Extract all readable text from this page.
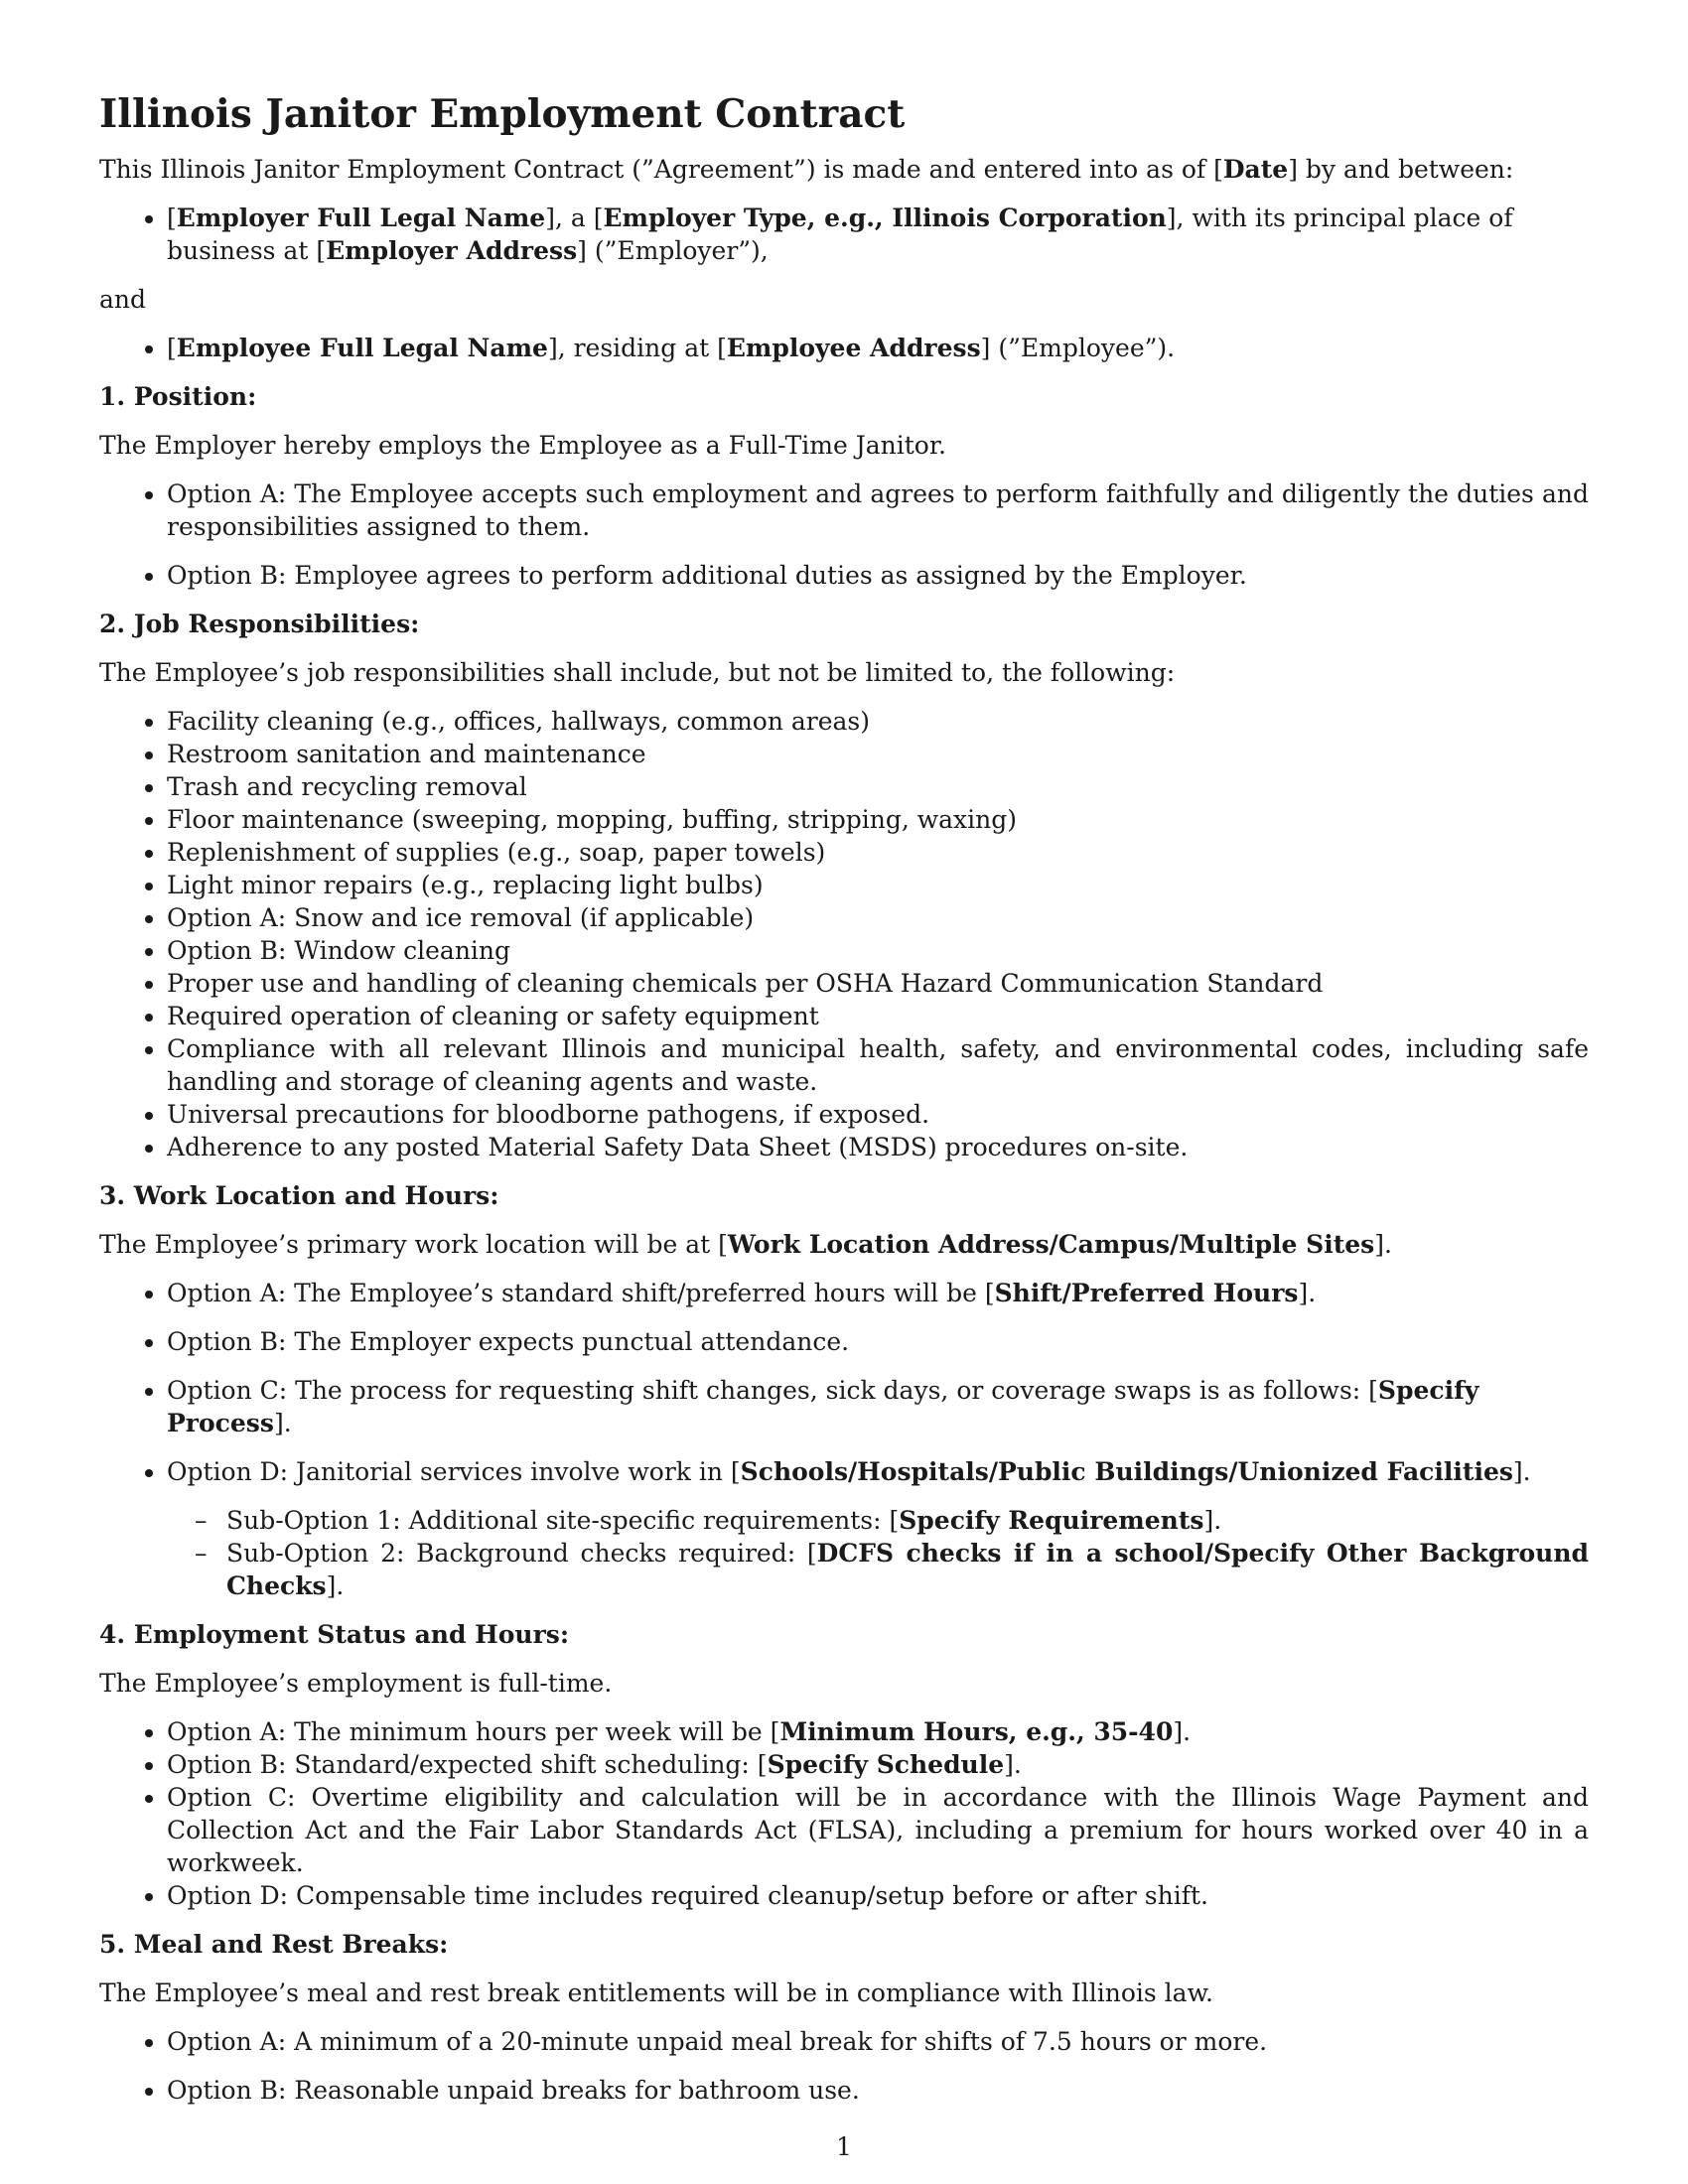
Illinois Janitor Employment Contract

This Illinois Janitor Employment Contract (”Agreement”) is made and entered into as of [Date] by and between:

• [Employer Full Legal Name], a [Employer Type, e.g., Illinois Corporation], with its principal place of business at [Employer Address] (”Employer”),

and

• [Employee Full Legal Name], residing at [Employee Address] (”Employee”).

1. Position:

The Employer hereby employs the Employee as a Full-Time Janitor.

• Option A: The Employee accepts such employment and agrees to perform faithfully and diligently the duties and responsibilities assigned to them.
• Option B: Employee agrees to perform additional duties as assigned by the Employer.

2. Job Responsibilities:

The Employee’s job responsibilities shall include, but not be limited to, the following:

• Facility cleaning (e.g., offices, hallways, common areas)
• Restroom sanitation and maintenance
• Trash and recycling removal
• Floor maintenance (sweeping, mopping, buffing, stripping, waxing)
• Replenishment of supplies (e.g., soap, paper towels)
• Light minor repairs (e.g., replacing light bulbs)
• Option A: Snow and ice removal (if applicable)
• Option B: Window cleaning
• Proper use and handling of cleaning chemicals per OSHA Hazard Communication Standard
• Required operation of cleaning or safety equipment
• Compliance with all relevant Illinois and municipal health, safety, and environmental codes, including safe handling and storage of cleaning agents and waste.
• Universal precautions for bloodborne pathogens, if exposed.
• Adherence to any posted Material Safety Data Sheet (MSDS) procedures on-site.

3. Work Location and Hours:

The Employee’s primary work location will be at [Work Location Address/Campus/Multiple Sites].

• Option A: The Employee’s standard shift/preferred hours will be [Shift/Preferred Hours].
• Option B: The Employer expects punctual attendance.
• Option C: The process for requesting shift changes, sick days, or coverage swaps is as follows: [Specify Process].
• Option D: Janitorial services involve work in [Schools/Hospitals/Public Buildings/Unionized Facilities].
– Sub-Option 1: Additional site-specific requirements: [Specify Requirements].
– Sub-Option 2: Background checks required: [DCFS checks if in a school/Specify Other Background Checks].

4. Employment Status and Hours:

The Employee’s employment is full-time.

• Option A: The minimum hours per week will be [Minimum Hours, e.g., 35-40].
• Option B: Standard/expected shift scheduling: [Specify Schedule].
• Option C: Overtime eligibility and calculation will be in accordance with the Illinois Wage Payment and Collection Act and the Fair Labor Standards Act (FLSA), including a premium for hours worked over 40 in a workweek.
• Option D: Compensable time includes required cleanup/setup before or after shift.

5. Meal and Rest Breaks:

The Employee’s meal and rest break entitlements will be in compliance with Illinois law.

• Option A: A minimum of a 20-minute unpaid meal break for shifts of 7.5 hours or more.
• Option B: Reasonable unpaid breaks for bathroom use.
1
